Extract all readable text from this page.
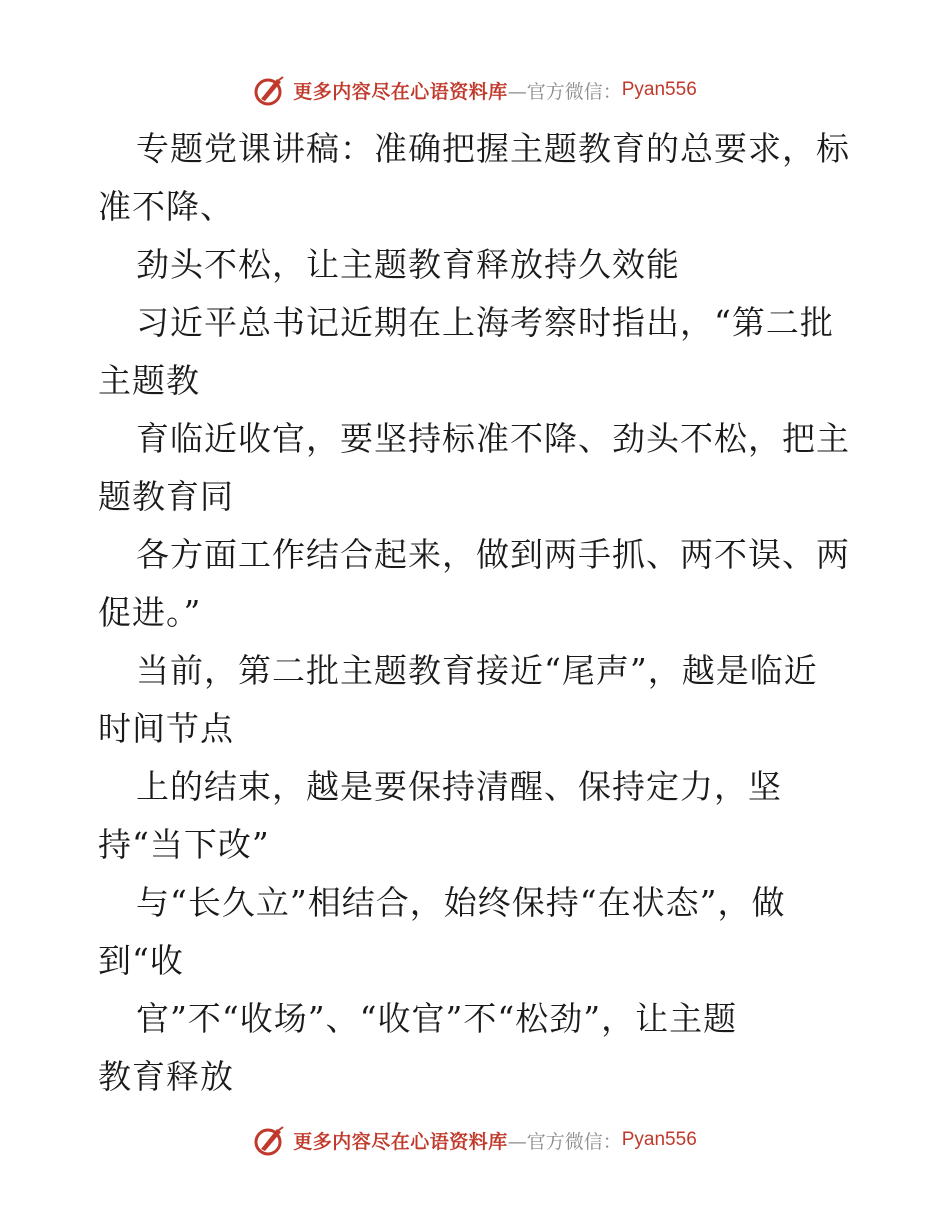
更多内容尽在心语资料库 —官方微信： Pyan556
专题党课讲稿：准确把握主题教育的总要求，标
准不降、
劲头不松，让主题教育释放持久效能
习近平总书记近期在上海考察时指出，“第二批
主题教
育临近收官，要坚持标准不降、劲头不松，把主
题教育同
各方面工作结合起来，做到两手抓、两不误、两
促进。”
当前，第二批主题教育接近“尾声”，越是临近
时间节点
上的结束，越是要保持清醒、保持定力，坚
持“当下改”
与“长久立”相结合，始终保持“在状态”，做
到“收
官”不“收场”、“收官”不“松劲”，让主题
教育释放
更多内容尽在心语资料库 —官方微信： Pyan556
